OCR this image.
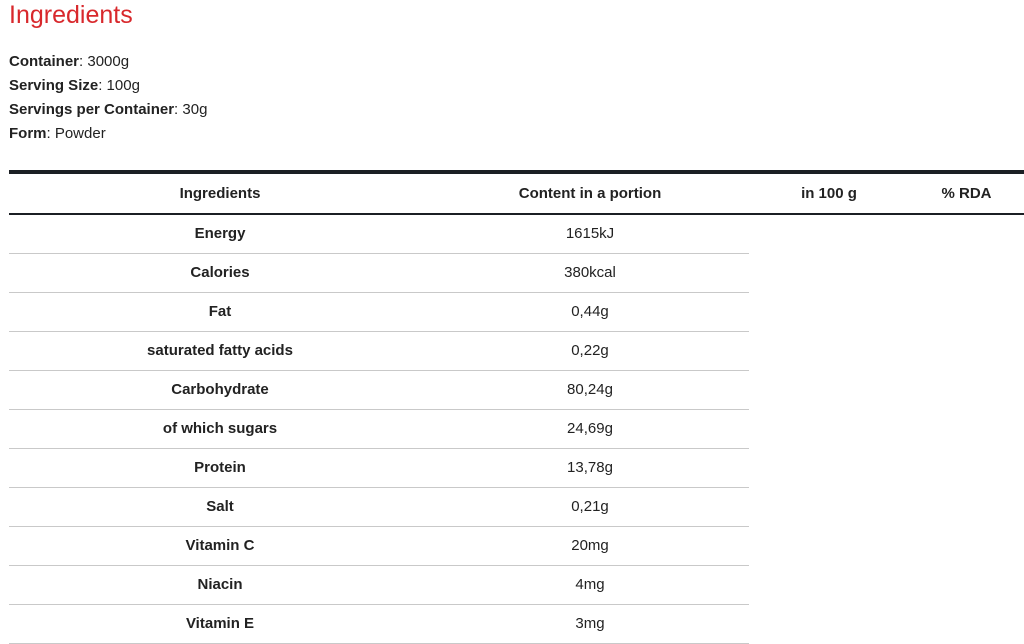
Ingredients
Container: 3000g
Serving Size: 100g
Servings per Container: 30g
Form: Powder
Ingredients	Content in a portion	in 100 g	% RDA
Energy	1615kJ
Calories	380kcal
Fat	0,44g
saturated fatty acids	0,22g
Carbohydrate	80,24g
of which sugars	24,69g
Protein	13,78g
Salt	0,21g
Vitamin C	20mg
Niacin	4mg
Vitamin E	3mg
